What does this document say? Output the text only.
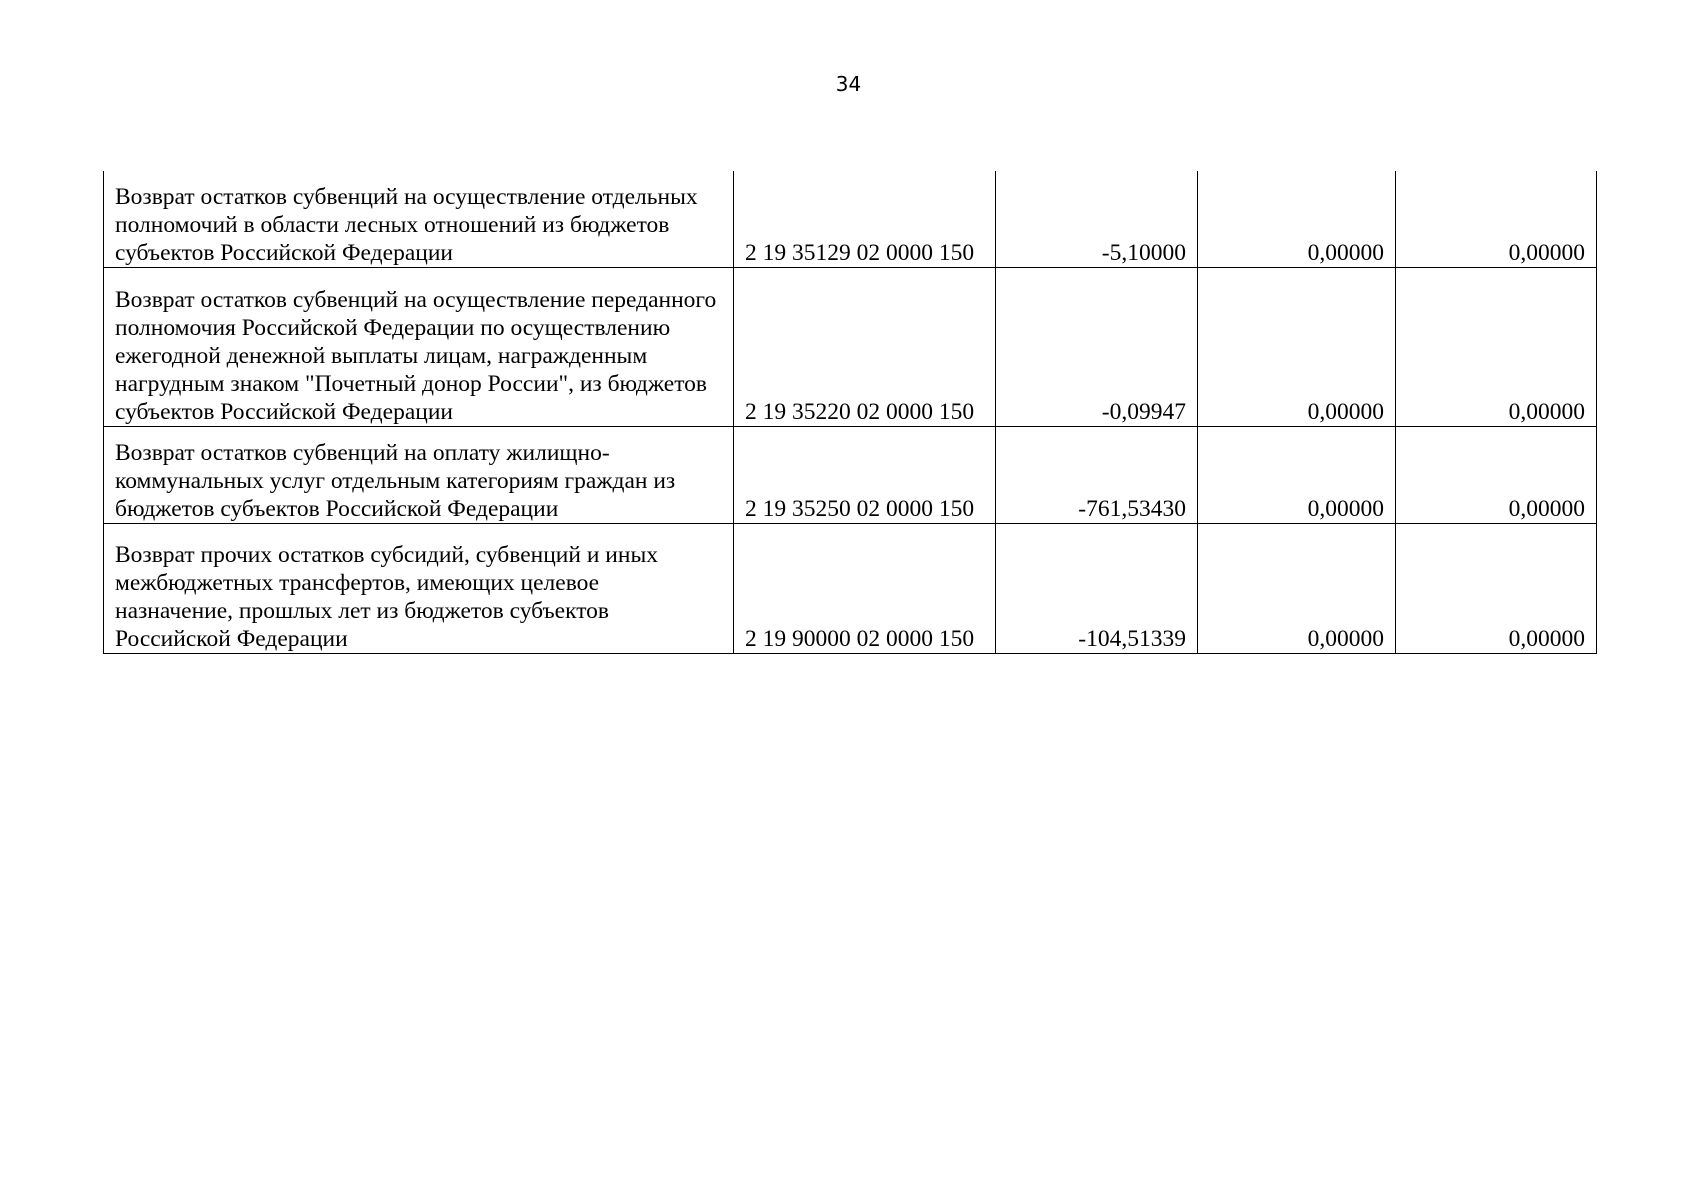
34
Возврат остатков субвенций на осуществление отдельных полномочий в области лесных отношений из бюджетов субъектов Российской Федерации	2 19 35129 02 0000 150	-5,10000	0,00000	0,00000
Возврат остатков субвенций на осуществление переданного полномочия Российской Федерации по осуществлению ежегодной денежной выплаты лицам, награжденным нагрудным знаком "Почетный донор России", из бюджетов субъектов Российской Федерации	2 19 35220 02 0000 150	-0,09947	0,00000	0,00000
Возврат остатков субвенций на оплату жилищно-коммунальных услуг отдельным категориям граждан из бюджетов субъектов Российской Федерации	2 19 35250 02 0000 150	-761,53430	0,00000	0,00000
Возврат прочих остатков субсидий, субвенций и иных межбюджетных трансфертов, имеющих целевое назначение, прошлых лет из бюджетов субъектов Российской Федерации	2 19 90000 02 0000 150	-104,51339	0,00000	0,00000
